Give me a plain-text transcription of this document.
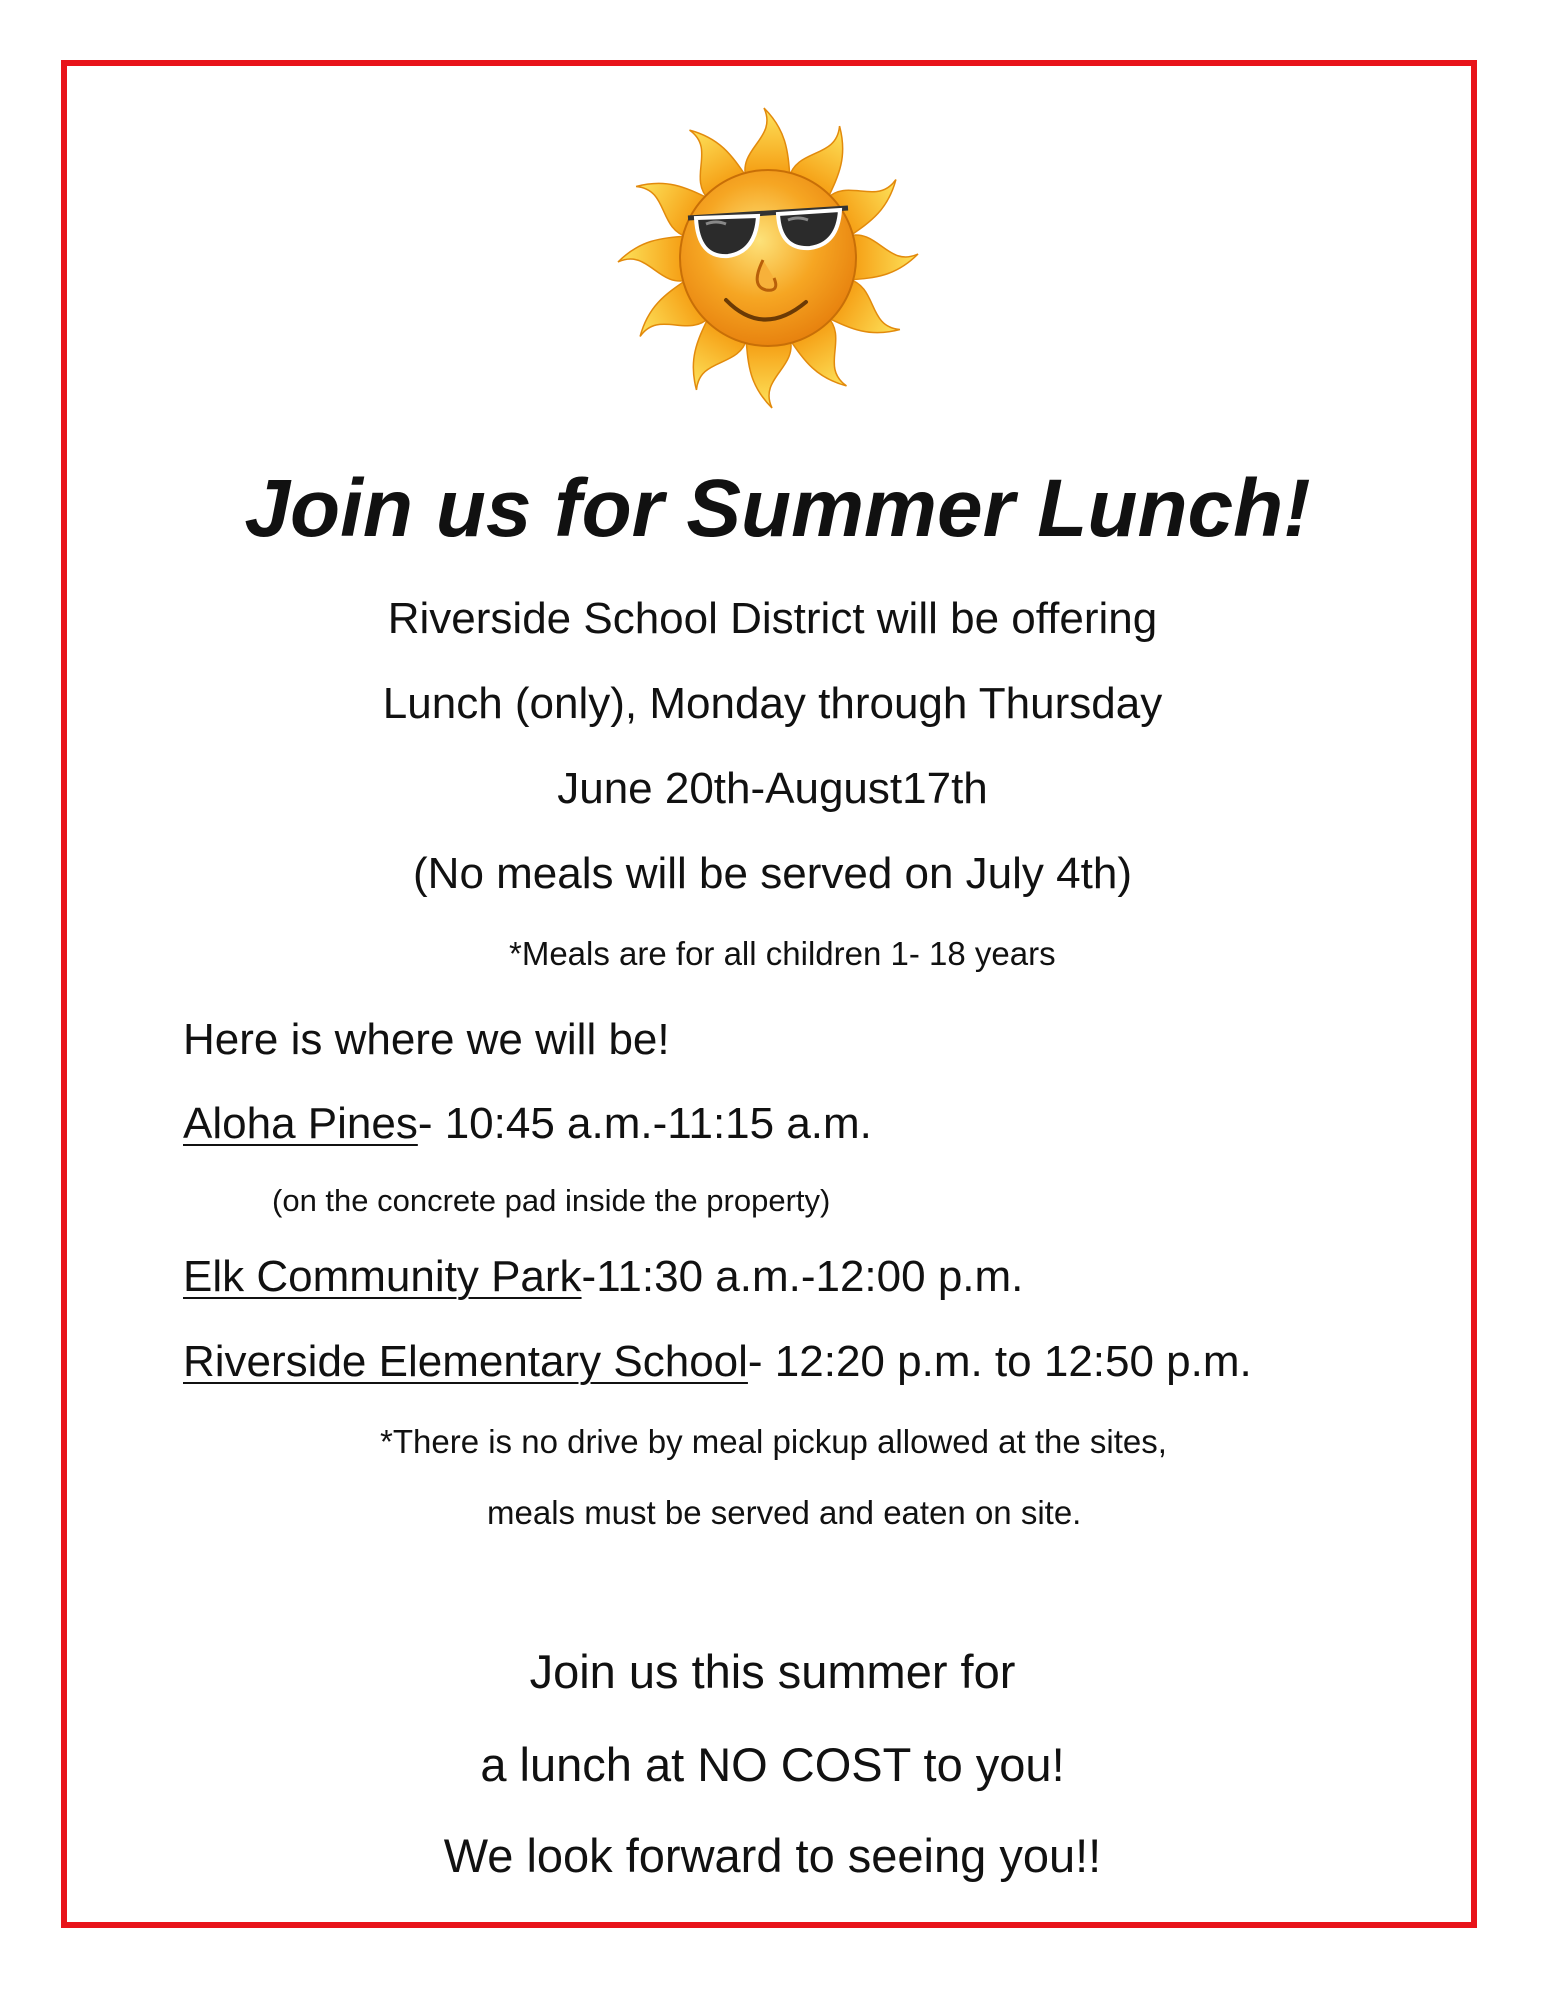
Join us for Summer Lunch!

Riverside School District will be offering

Lunch (only), Monday through Thursday

June 20th-August17th

(No meals will be served on July 4th)

*Meals are for all children 1- 18 years

Here is where we will be!

Aloha Pines- 10:45 a.m.-11:15 a.m.

(on the concrete pad inside the property)

Elk Community Park-11:30 a.m.-12:00 p.m.

Riverside Elementary School- 12:20 p.m. to 12:50 p.m.

*There is no drive by meal pickup allowed at the sites,

meals must be served and eaten on site.

Join us this summer for

a lunch at NO COST to you!

We look forward to seeing you!!
